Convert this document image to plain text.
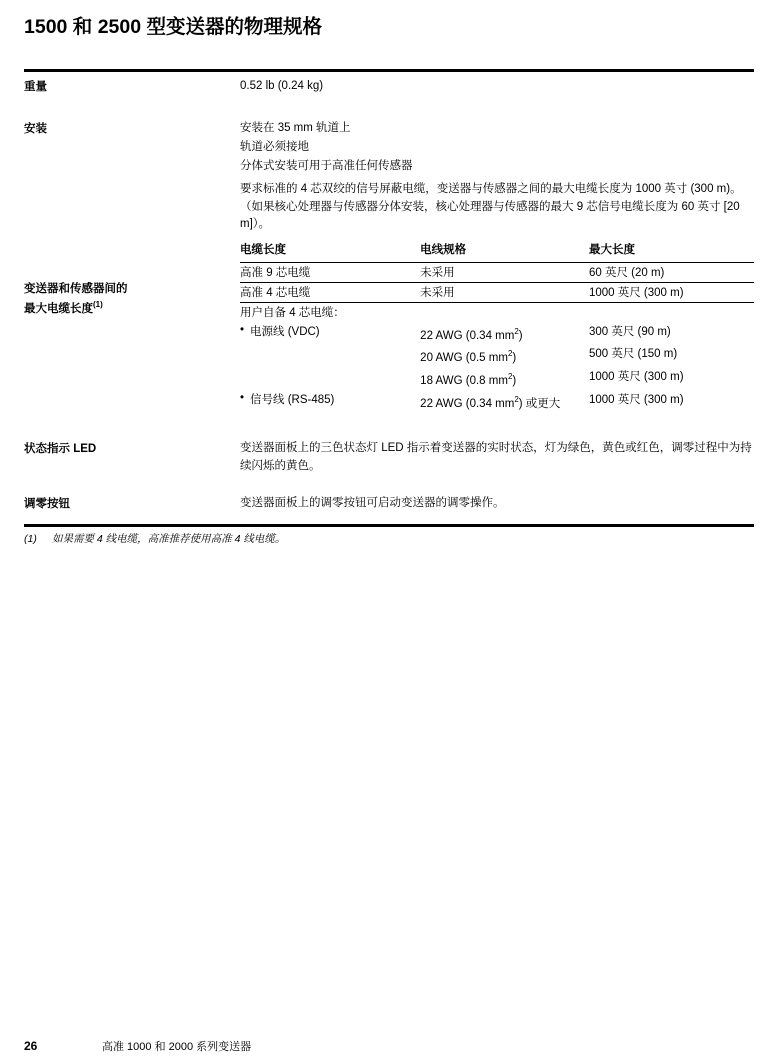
1500 和 2500 型变送器的物理规格
重量	0.52 lb (0.24 kg)

安装	安装在 35 mm 轨道上

轨道必须接地

分体式安装可用于高准任何传感器

要求标准的 4 芯双绞的信号屏蔽电缆，变送器与传感器之间的最大电缆长度为 1000 英寸 (300 m)。（如果核心处理器与传感器分体安装，核心处理器与传感器的最大 9 芯信号电缆长度为 60 英寸 [20 m]）。

变送器和传感器间的
最大电缆长度$^{(1)}$
电缆长度	电线规格	最大长度

高准 9 芯电缆	未采用	60 英尺 (20 m)

高准 4 芯电缆	未采用	1000 英尺 (300 m)

用户自备 4 芯电缆：		

• 电源线 (VDC)	22 AWG (0.34 $mm^2$)	300 英尺 (90 m)
	20 AWG (0.5 $mm^2$)	500 英尺 (150 m)
	18 AWG (0.8 $mm^2$)	1000 英尺 (300 m)

• 信号线 (RS-485)	22 AWG (0.34 $mm^2$) 或更大	1000 英尺 (300 m)
状态指示 LED	变送器面板上的三色状态灯 LED 指示着变送器的实时状态，灯为绿色，黄色或红色，调零过程中为持续闪烁的黄色。
调零按钮	变送器面板上的调零按钮可启动变送器的调零操作。
(1) 如果需要 4 线电缆，高准推荐使用高准 4 线电缆。
26	高准 1000 和 2000 系列变送器
